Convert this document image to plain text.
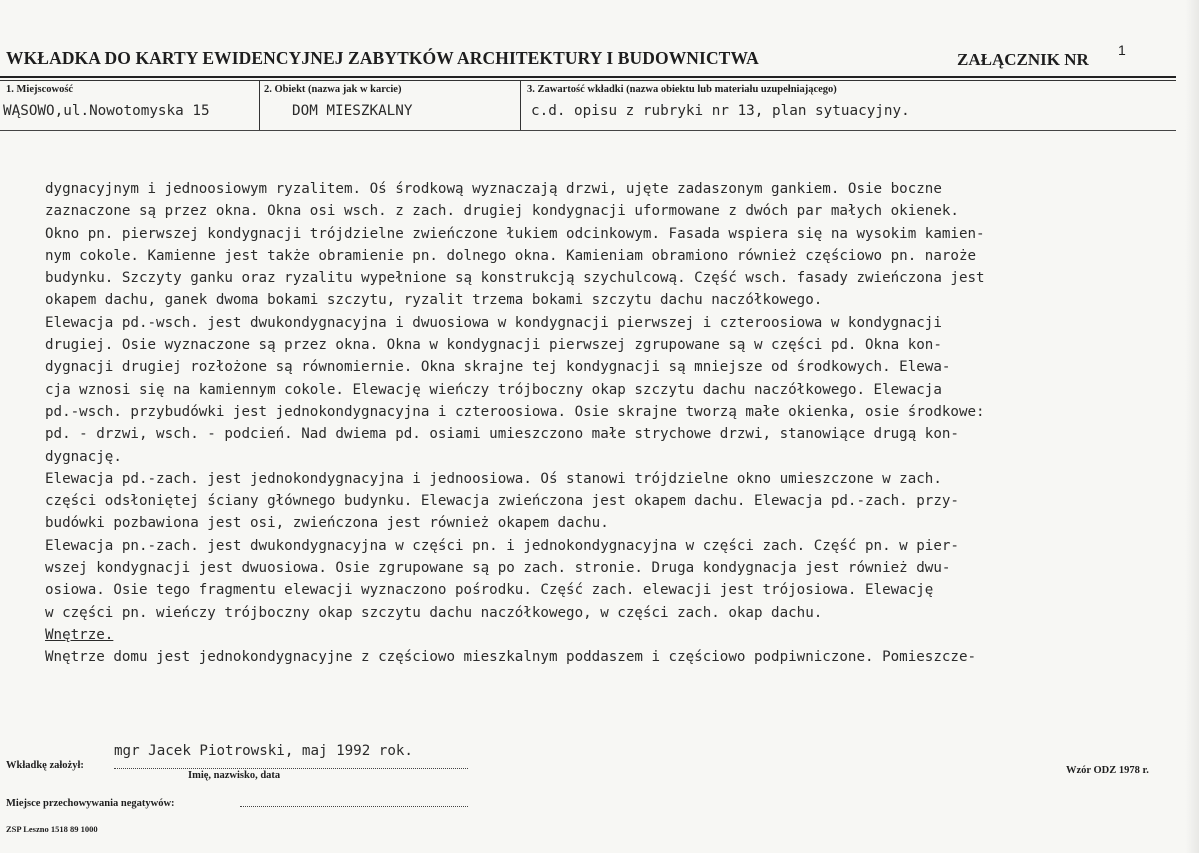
WKŁADKA DO KARTY EWIDENCYJNEJ ZABYTKÓW ARCHITEKTURY I BUDOWNICTWA	ZAŁĄCZNIK NR 1
1. Miejscowość
WĄSOWO,ul.Nowotomyska 15
2. Obiekt (nazwa jak w karcie)
DOM MIESZKALNY
3. Zawartość wkładki (nazwa obiektu lub materiału uzupełniającego)
c.d. opisu z rubryki nr 13, plan sytuacyjny.
dygnacyjnym i jednoosiowym ryzalitem. Oś środkową wyznaczają drzwi, ujęte zadaszonym gankiem. Osie boczne
zaznaczone są przez okna. Okna osi wsch. z zach. drugiej kondygnacji uformowane z dwóch par małych okienek.
Okno pn. pierwszej kondygnacji trójdzielne zwieńczone łukiem odcinkowym. Fasada wspiera się na wysokim kamien-
nym cokole. Kamienne jest także obramienie pn. dolnego okna. Kamieniam obramiono również częściowo pn. naroże
budynku. Szczyty ganku oraz ryzalitu wypełnione są konstrukcją szychulcową. Część wsch. fasady zwieńczona jest
okapem dachu, ganek dwoma bokami szczytu, ryzalit trzema bokami szczytu dachu naczółkowego.
Elewacja pd.-wsch. jest dwukondygnacyjna i dwuosiowa w kondygnacji pierwszej i czteroosiowa w kondygnacji
drugiej. Osie wyznaczone są przez okna. Okna w kondygnacji pierwszej zgrupowane są w części pd. Okna kon-
dygnacji drugiej rozłożone są równomiernie. Okna skrajne tej kondygnacji są mniejsze od środkowych. Elewa-
cja wznosi się na kamiennym cokole. Elewację wieńczy trójboczny okap szczytu dachu naczółkowego. Elewacja
pd.-wsch. przybudówki jest jednokondygnacyjna i czteroosiowa. Osie skrajne tworzą małe okienka, osie środkowe:
pd. - drzwi, wsch. - podcień. Nad dwiema pd. osiami umieszczono małe strychowe drzwi, stanowiące drugą kon-
dygnację.
Elewacja pd.-zach. jest jednokondygnacyjna i jednoosiowa. Oś stanowi trójdzielne okno umieszczone w zach.
części odsłoniętej ściany głównego budynku. Elewacja zwieńczona jest okapem dachu. Elewacja pd.-zach. przy-
budówki pozbawiona jest osi, zwieńczona jest również okapem dachu.
Elewacja pn.-zach. jest dwukondygnacyjna w części pn. i jednokondygnacyjna w części zach. Część pn. w pier-
wszej kondygnacji jest dwuosiowa. Osie zgrupowane są po zach. stronie. Druga kondygnacja jest również dwu-
osiowa. Osie tego fragmentu elewacji wyznaczono pośrodku. Część zach. elewacji jest trójosiowa. Elewację
w części pn. wieńczy trójboczny okap szczytu dachu naczółkowego, w części zach. okap dachu.
Wnętrze.
Wnętrze domu jest jednokondygnacyjne z częściowo mieszkalnym poddaszem i częściowo podpiwniczone. Pomieszcze-
mgr Jacek Piotrowski, maj 1992 rok.
Wkładkę założył:
Imię, nazwisko, data	Wzór ODZ 1978 r.
Miejsce przechowywania negatywów:
ZSP Leszno 1518 89 1000
